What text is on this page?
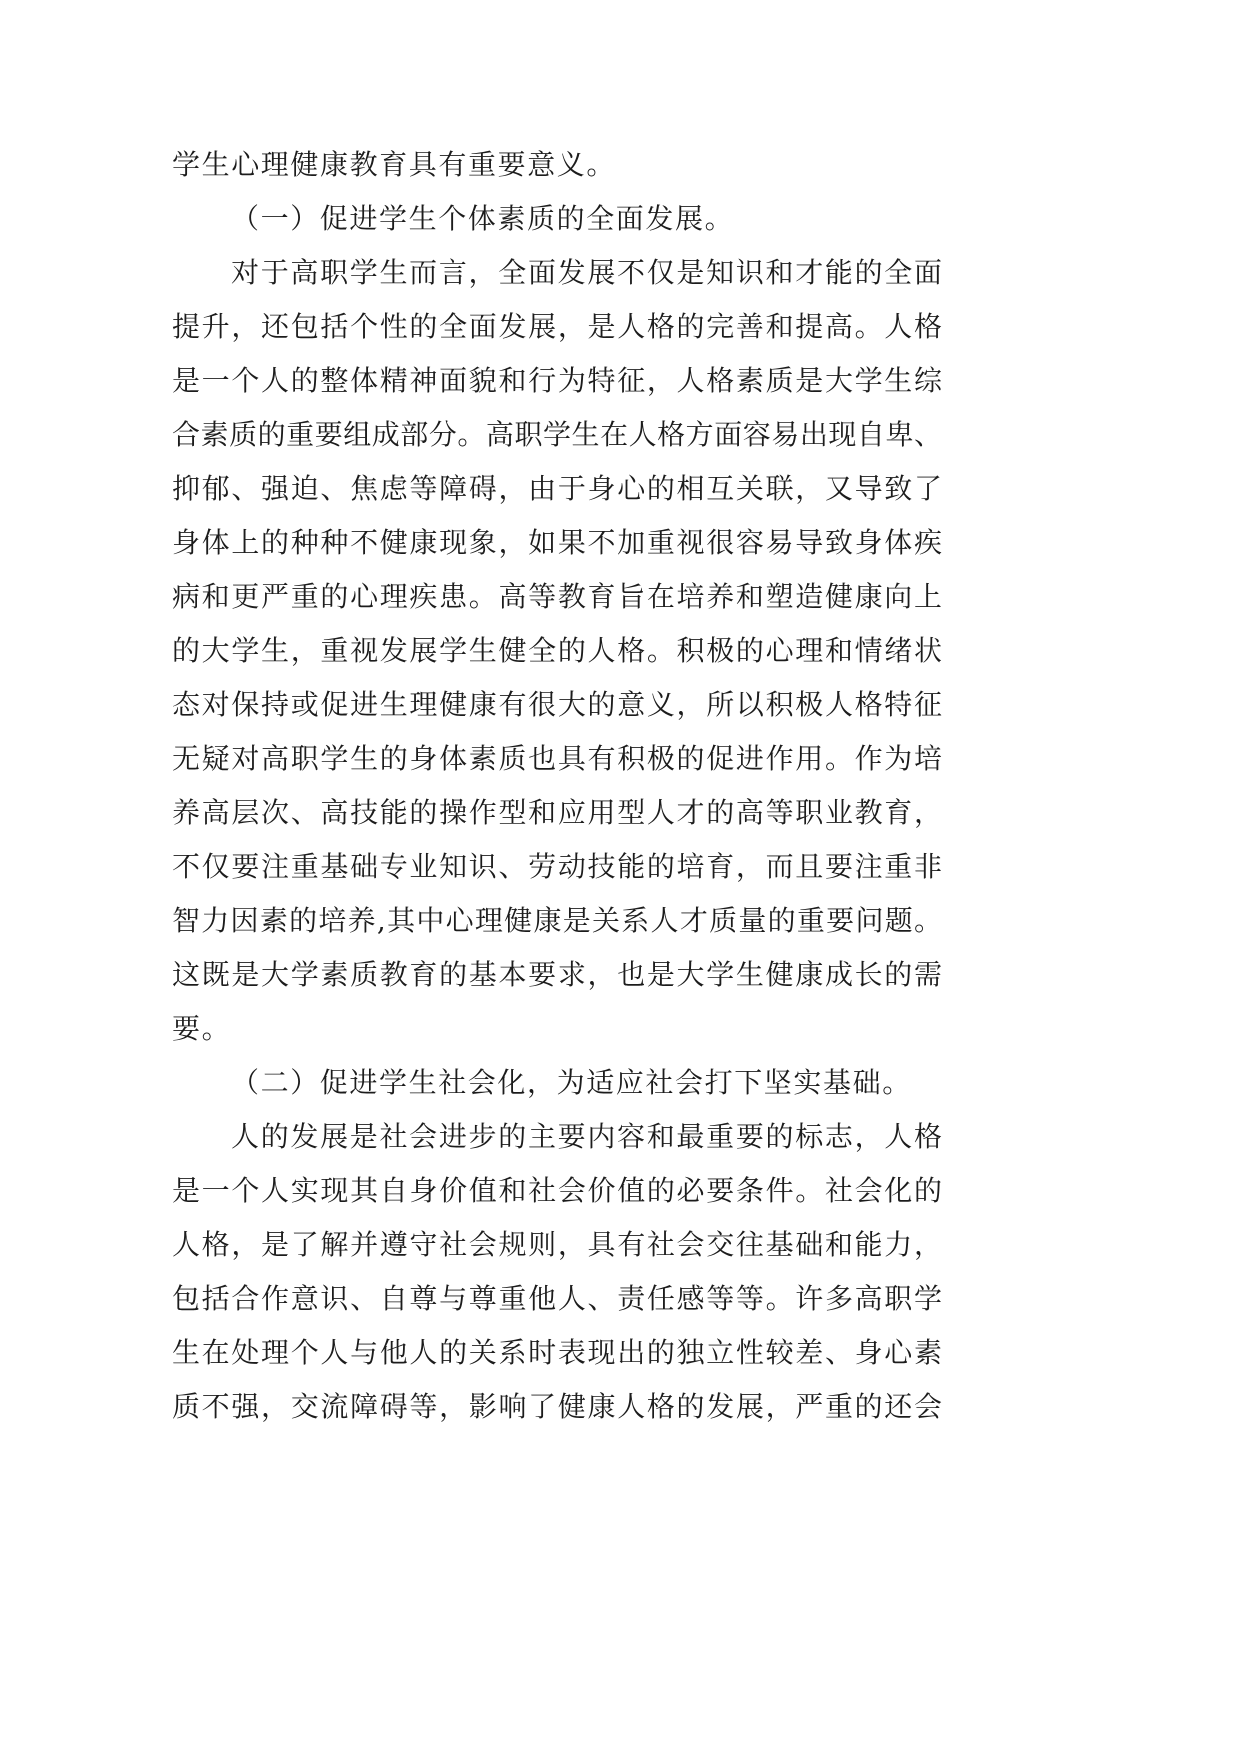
学生心理健康教育具有重要意义。
（一）促进学生个体素质的全面发展。
对于高职学生而言，全面发展不仅是知识和才能的全面
提升，还包括个性的全面发展，是人格的完善和提高。人格
是一个人的整体精神面貌和行为特征，人格素质是大学生综
合素质的重要组成部分。高职学生在人格方面容易出现自卑、
抑郁、强迫、焦虑等障碍，由于身心的相互关联，又导致了
身体上的种种不健康现象，如果不加重视很容易导致身体疾
病和更严重的心理疾患。高等教育旨在培养和塑造健康向上
的大学生，重视发展学生健全的人格。积极的心理和情绪状
态对保持或促进生理健康有很大的意义，所以积极人格特征
无疑对高职学生的身体素质也具有积极的促进作用。作为培
养高层次、高技能的操作型和应用型人才的高等职业教育，
不仅要注重基础专业知识、劳动技能的培育，而且要注重非
智力因素的培养,其中心理健康是关系人才质量的重要问题。
这既是大学素质教育的基本要求，也是大学生健康成长的需
要。
（二）促进学生社会化，为适应社会打下坚实基础。
人的发展是社会进步的主要内容和最重要的标志，人格
是一个人实现其自身价值和社会价值的必要条件。社会化的
人格，是了解并遵守社会规则，具有社会交往基础和能力，
包括合作意识、自尊与尊重他人、责任感等等。许多高职学
生在处理个人与他人的关系时表现出的独立性较差、身心素
质不强，交流障碍等，影响了健康人格的发展，严重的还会
